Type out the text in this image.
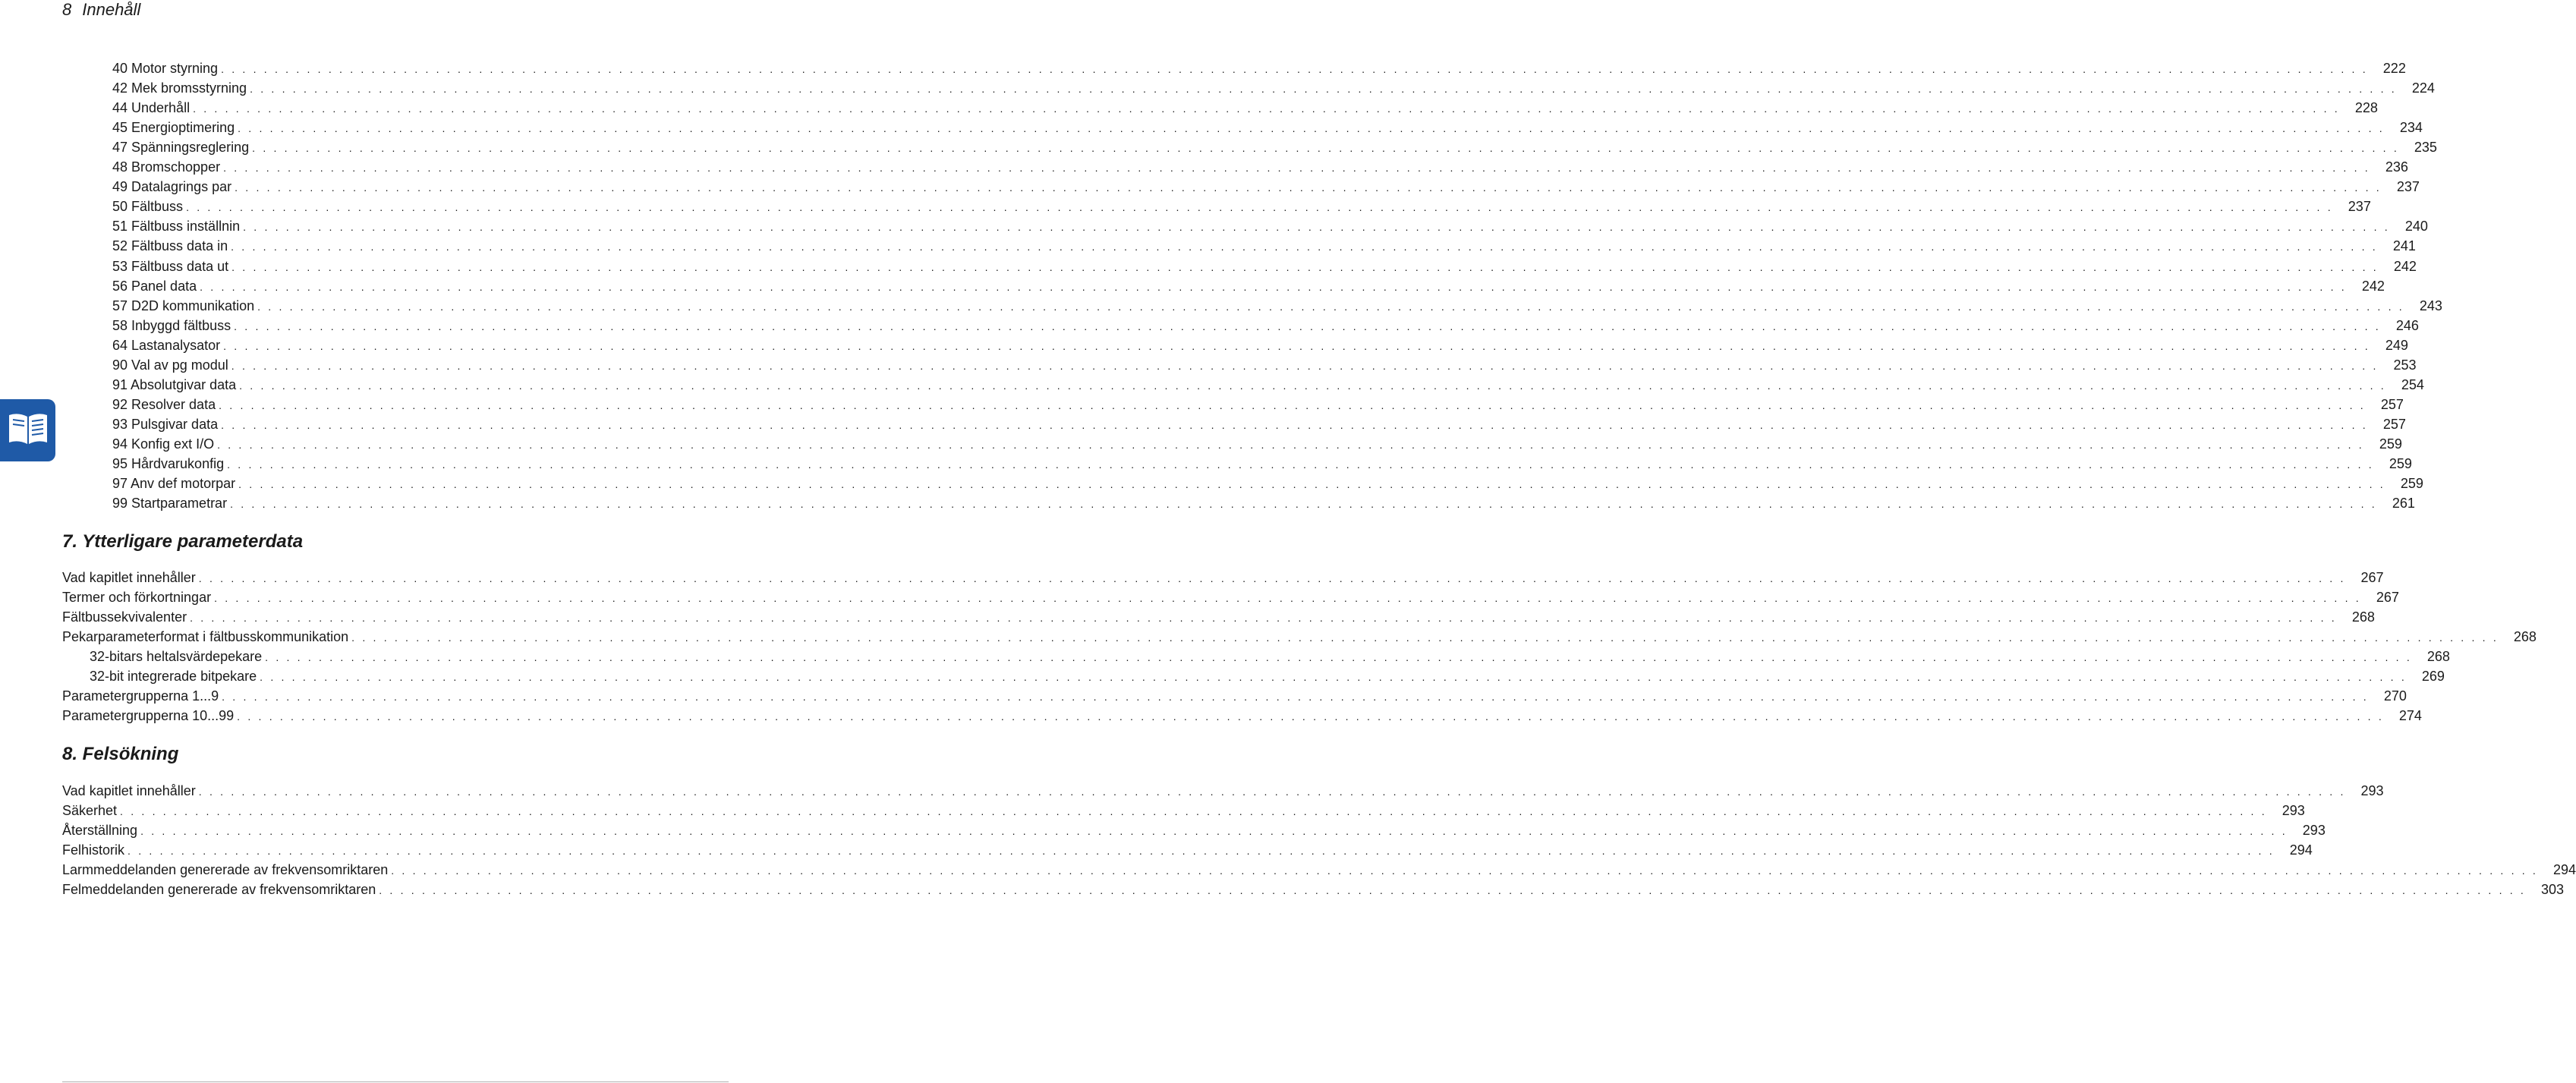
8 Innehåll
40 Motor styrning . . . . . . . . . . . . . . . . . . . . . . . . . . . . . . . . . . . . . . . . . . . . . . . . . . . . . . . . . . . . . . . . . . . . . . . . . . . . . . . . . . . . . . . . . . . . . . . . . . . . . . . . . . . . . . . . . . . . . . . . . . . . . . . . . . . . . . . . . . . . . . . . . . . . . . . . . . . . . . . . . . . . . . . . . . . . . . . . . . . . . . . . . . . . . . . . . . . . . . . .	222
42 Mek bromsstyrning . . . . . . . . . . . . . . . . . . . . . . . . . . . . . . . . . . . . . . . . . . . . . . . . . . . . . . . . . . . . . . . . . . . . . . . . . . . . . . . . . . . . . . . . . . . . . . . . . . . . . . . . . . . . . . . . . . . . . . . . . . . . . . . . . . . . . . . . . . . . . . . . . . . . . . . . . . . . . . . . . . . . . . . . . . . . . . . . . . . . . . . . . . . . . . . . . . . . . . . .	224
44 Underhåll . . . . . . . . . . . . . . . . . . . . . . . . . . . . . . . . . . . . . . . . . . . . . . . . . . . . . . . . . . . . . . . . . . . . . . . . . . . . . . . . . . . . . . . . . . . . . . . . . . . . . . . . . . . . . . . . . . . . . . . . . . . . . . . . . . . . . . . . . . . . . . . . . . . . . . . . . . . . . . . . . . . . . . . . . . . . . . . . . . . . . . . . . . . . . . . . . . . . . . . .	228
45 Energioptimering . . . . . . . . . . . . . . . . . . . . . . . . . . . . . . . . . . . . . . . . . . . . . . . . . . . . . . . . . . . . . . . . . . . . . . . . . . . . . . . . . . . . . . . . . . . . . . . . . . . . . . . . . . . . . . . . . . . . . . . . . . . . . . . . . . . . . . . . . . . . . . . . . . . . . . . . . . . . . . . . . . . . . . . . . . . . . . . . . . . . . . . . . . . . . . . . . . . . . . . .	234
47 Spänningsreglering . . . . . . . . . . . . . . . . . . . . . . . . . . . . . . . . . . . . . . . . . . . . . . . . . . . . . . . . . . . . . . . . . . . . . . . . . . . . . . . . . . . . . . . . . . . . . . . . . . . . . . . . . . . . . . . . . . . . . . . . . . . . . . . . . . . . . . . . . . . . . . . . . . . . . . . . . . . . . . . . . . . . . . . . . . . . . . . . . . . . . . . . . . . . . . . . . . . . . . . .	235
48 Bromschopper . . . . . . . . . . . . . . . . . . . . . . . . . . . . . . . . . . . . . . . . . . . . . . . . . . . . . . . . . . . . . . . . . . . . . . . . . . . . . . . . . . . . . . . . . . . . . . . . . . . . . . . . . . . . . . . . . . . . . . . . . . . . . . . . . . . . . . . . . . . . . . . . . . . . . . . . . . . . . . . . . . . . . . . . . . . . . . . . . . . . . . . . . . . . . . . . . . . . . . . .	236
49 Datalagrings par . . . . . . . . . . . . . . . . . . . . . . . . . . . . . . . . . . . . . . . . . . . . . . . . . . . . . . . . . . . . . . . . . . . . . . . . . . . . . . . . . . . . . . . . . . . . . . . . . . . . . . . . . . . . . . . . . . . . . . . . . . . . . . . . . . . . . . . . . . . . . . . . . . . . . . . . . . . . . . . . . . . . . . . . . . . . . . . . . . . . . . . . . . . . . . . . . . . . . . . .	237
50 Fältbuss . . . . . . . . . . . . . . . . . . . . . . . . . . . . . . . . . . . . . . . . . . . . . . . . . . . . . . . . . . . . . . . . . . . . . . . . . . . . . . . . . . . . . . . . . . . . . . . . . . . . . . . . . . . . . . . . . . . . . . . . . . . . . . . . . . . . . . . . . . . . . . . . . . . . . . . . . . . . . . . . . . . . . . . . . . . . . . . . . . . . . . . . . . . . . . . . . . . . . . . .	237
51 Fältbuss inställnin . . . . . . . . . . . . . . . . . . . . . . . . . . . . . . . . . . . . . . . . . . . . . . . . . . . . . . . . . . . . . . . . . . . . . . . . . . . . . . . . . . . . . . . . . . . . . . . . . . . . . . . . . . . . . . . . . . . . . . . . . . . . . . . . . . . . . . . . . . . . . . . . . . . . . . . . . . . . . . . . . . . . . . . . . . . . . . . . . . . . . . . . . . . . . . . . . . . . . . . .	240
52 Fältbuss data in . . . . . . . . . . . . . . . . . . . . . . . . . . . . . . . . . . . . . . . . . . . . . . . . . . . . . . . . . . . . . . . . . . . . . . . . . . . . . . . . . . . . . . . . . . . . . . . . . . . . . . . . . . . . . . . . . . . . . . . . . . . . . . . . . . . . . . . . . . . . . . . . . . . . . . . . . . . . . . . . . . . . . . . . . . . . . . . . . . . . . . . . . . . . . . . . . . . . . . . .	241
53 Fältbuss data ut . . . . . . . . . . . . . . . . . . . . . . . . . . . . . . . . . . . . . . . . . . . . . . . . . . . . . . . . . . . . . . . . . . . . . . . . . . . . . . . . . . . . . . . . . . . . . . . . . . . . . . . . . . . . . . . . . . . . . . . . . . . . . . . . . . . . . . . . . . . . . . . . . . . . . . . . . . . . . . . . . . . . . . . . . . . . . . . . . . . . . . . . . . . . . . . . . . . . . . . .	242
56 Panel data . . . . . . . . . . . . . . . . . . . . . . . . . . . . . . . . . . . . . . . . . . . . . . . . . . . . . . . . . . . . . . . . . . . . . . . . . . . . . . . . . . . . . . . . . . . . . . . . . . . . . . . . . . . . . . . . . . . . . . . . . . . . . . . . . . . . . . . . . . . . . . . . . . . . . . . . . . . . . . . . . . . . . . . . . . . . . . . . . . . . . . . . . . . . . . . . . . . . . . . .	242
57 D2D kommunikation . . . . . . . . . . . . . . . . . . . . . . . . . . . . . . . . . . . . . . . . . . . . . . . . . . . . . . . . . . . . . . . . . . . . . . . . . . . . . . . . . . . . . . . . . . . . . . . . . . . . . . . . . . . . . . . . . . . . . . . . . . . . . . . . . . . . . . . . . . . . . . . . . . . . . . . . . . . . . . . . . . . . . . . . . . . . . . . . . . . . . . . . . . . . . . . . . . . . . . . .	243
58 Inbyggd fältbuss . . . . . . . . . . . . . . . . . . . . . . . . . . . . . . . . . . . . . . . . . . . . . . . . . . . . . . . . . . . . . . . . . . . . . . . . . . . . . . . . . . . . . . . . . . . . . . . . . . . . . . . . . . . . . . . . . . . . . . . . . . . . . . . . . . . . . . . . . . . . . . . . . . . . . . . . . . . . . . . . . . . . . . . . . . . . . . . . . . . . . . . . . . . . . . . . . . . . . . . .	246
64 Lastanalysator . . . . . . . . . . . . . . . . . . . . . . . . . . . . . . . . . . . . . . . . . . . . . . . . . . . . . . . . . . . . . . . . . . . . . . . . . . . . . . . . . . . . . . . . . . . . . . . . . . . . . . . . . . . . . . . . . . . . . . . . . . . . . . . . . . . . . . . . . . . . . . . . . . . . . . . . . . . . . . . . . . . . . . . . . . . . . . . . . . . . . . . . . . . . . . . . . . . . . . . .	249
90 Val av pg modul . . . . . . . . . . . . . . . . . . . . . . . . . . . . . . . . . . . . . . . . . . . . . . . . . . . . . . . . . . . . . . . . . . . . . . . . . . . . . . . . . . . . . . . . . . . . . . . . . . . . . . . . . . . . . . . . . . . . . . . . . . . . . . . . . . . . . . . . . . . . . . . . . . . . . . . . . . . . . . . . . . . . . . . . . . . . . . . . . . . . . . . . . . . . . . . . . . . . . . . .	253
91 Absolutgivar data . . . . . . . . . . . . . . . . . . . . . . . . . . . . . . . . . . . . . . . . . . . . . . . . . . . . . . . . . . . . . . . . . . . . . . . . . . . . . . . . . . . . . . . . . . . . . . . . . . . . . . . . . . . . . . . . . . . . . . . . . . . . . . . . . . . . . . . . . . . . . . . . . . . . . . . . . . . . . . . . . . . . . . . . . . . . . . . . . . . . . . . . . . . . . . . . . . . . . . . .	254
92 Resolver data . . . . . . . . . . . . . . . . . . . . . . . . . . . . . . . . . . . . . . . . . . . . . . . . . . . . . . . . . . . . . . . . . . . . . . . . . . . . . . . . . . . . . . . . . . . . . . . . . . . . . . . . . . . . . . . . . . . . . . . . . . . . . . . . . . . . . . . . . . . . . . . . . . . . . . . . . . . . . . . . . . . . . . . . . . . . . . . . . . . . . . . . . . . . . . . . . . . . . . . .	257
93 Pulsgivar data . . . . . . . . . . . . . . . . . . . . . . . . . . . . . . . . . . . . . . . . . . . . . . . . . . . . . . . . . . . . . . . . . . . . . . . . . . . . . . . . . . . . . . . . . . . . . . . . . . . . . . . . . . . . . . . . . . . . . . . . . . . . . . . . . . . . . . . . . . . . . . . . . . . . . . . . . . . . . . . . . . . . . . . . . . . . . . . . . . . . . . . . . . . . . . . . . . . . . . . .	257
94 Konfig ext I/O . . . . . . . . . . . . . . . . . . . . . . . . . . . . . . . . . . . . . . . . . . . . . . . . . . . . . . . . . . . . . . . . . . . . . . . . . . . . . . . . . . . . . . . . . . . . . . . . . . . . . . . . . . . . . . . . . . . . . . . . . . . . . . . . . . . . . . . . . . . . . . . . . . . . . . . . . . . . . . . . . . . . . . . . . . . . . . . . . . . . . . . . . . . . . . . . . . . . . . . .	259
95 Hårdvarukonfig . . . . . . . . . . . . . . . . . . . . . . . . . . . . . . . . . . . . . . . . . . . . . . . . . . . . . . . . . . . . . . . . . . . . . . . . . . . . . . . . . . . . . . . . . . . . . . . . . . . . . . . . . . . . . . . . . . . . . . . . . . . . . . . . . . . . . . . . . . . . . . . . . . . . . . . . . . . . . . . . . . . . . . . . . . . . . . . . . . . . . . . . . . . . . . . . . . . . . . . .	259
97 Anv def motorpar . . . . . . . . . . . . . . . . . . . . . . . . . . . . . . . . . . . . . . . . . . . . . . . . . . . . . . . . . . . . . . . . . . . . . . . . . . . . . . . . . . . . . . . . . . . . . . . . . . . . . . . . . . . . . . . . . . . . . . . . . . . . . . . . . . . . . . . . . . . . . . . . . . . . . . . . . . . . . . . . . . . . . . . . . . . . . . . . . . . . . . . . . . . . . . . . . . . . . . . .	259
99 Startparametrar . . . . . . . . . . . . . . . . . . . . . . . . . . . . . . . . . . . . . . . . . . . . . . . . . . . . . . . . . . . . . . . . . . . . . . . . . . . . . . . . . . . . . . . . . . . . . . . . . . . . . . . . . . . . . . . . . . . . . . . . . . . . . . . . . . . . . . . . . . . . . . . . . . . . . . . . . . . . . . . . . . . . . . . . . . . . . . . . . . . . . . . . . . . . . . . . . . . . . . . .	261
7. Ytterligare parameterdata
Vad kapitlet innehåller . . . . . . . . . . . . . . . . . . . . . . . . . . . . . . . . . . . . . . . . . . . . . . . . . . . . . . . . . . . . . . . . . . . . . . . . . . . . . . . . . . . . . . . . . . . . . . . . . . . . . . . . . . . . . . . . . . . . . . . . . . . . . . . . . . . . . . . . . . . . . . . . . . . . . . . . . . . . . . . . . . . . . . . . . . . . . . . . . . . . . . . . . . . . . . . . . . . . . . . .	267
Termer och förkortningar . . . . . . . . . . . . . . . . . . . . . . . . . . . . . . . . . . . . . . . . . . . . . . . . . . . . . . . . . . . . . . . . . . . . . . . . . . . . . . . . . . . . . . . . . . . . . . . . . . . . . . . . . . . . . . . . . . . . . . . . . . . . . . . . . . . . . . . . . . . . . . . . . . . . . . . . . . . . . . . . . . . . . . . . . . . . . . . . . . . . . . . . . . . . . . . . . . . . . . . .	267
Fältbussekvivalenter . . . . . . . . . . . . . . . . . . . . . . . . . . . . . . . . . . . . . . . . . . . . . . . . . . . . . . . . . . . . . . . . . . . . . . . . . . . . . . . . . . . . . . . . . . . . . . . . . . . . . . . . . . . . . . . . . . . . . . . . . . . . . . . . . . . . . . . . . . . . . . . . . . . . . . . . . . . . . . . . . . . . . . . . . . . . . . . . . . . . . . . . . . . . . . . . . . . . . . . .	268
Pekarparameterformat i fältbusskommunikation . . . . . . . . . . . . . . . . . . . . . . . . . . . . . . . . . . . . . . . . . . . . . . . . . . . . . . . . . . . . . . . . . . . . . . . . . . . . . . . . . . . . . . . . . . . . . . . . . . . . . . . . . . . . . . . . . . . . . . . . . . . . . . . . . . . . . . . . . . . . . . . . . . . . . . . . . . . . . . . . . . . . . . . . . . . . . . . . . . . . . . . . . . . . . . . . . . . . . . . .	268
32-bitars heltalsvärdepekare . . . . . . . . . . . . . . . . . . . . . . . . . . . . . . . . . . . . . . . . . . . . . . . . . . . . . . . . . . . . . . . . . . . . . . . . . . . . . . . . . . . . . . . . . . . . . . . . . . . . . . . . . . . . . . . . . . . . . . . . . . . . . . . . . . . . . . . . . . . . . . . . . . . . . . . . . . . . . . . . . . . . . . . . . . . . . . . . . . . . . . . . . . . . . . . . . . . . . . . .	268
32-bit integrerade bitpekare . . . . . . . . . . . . . . . . . . . . . . . . . . . . . . . . . . . . . . . . . . . . . . . . . . . . . . . . . . . . . . . . . . . . . . . . . . . . . . . . . . . . . . . . . . . . . . . . . . . . . . . . . . . . . . . . . . . . . . . . . . . . . . . . . . . . . . . . . . . . . . . . . . . . . . . . . . . . . . . . . . . . . . . . . . . . . . . . . . . . . . . . . . . . . . . . . . . . . . . .	269
Parametergrupperna 1...9 . . . . . . . . . . . . . . . . . . . . . . . . . . . . . . . . . . . . . . . . . . . . . . . . . . . . . . . . . . . . . . . . . . . . . . . . . . . . . . . . . . . . . . . . . . . . . . . . . . . . . . . . . . . . . . . . . . . . . . . . . . . . . . . . . . . . . . . . . . . . . . . . . . . . . . . . . . . . . . . . . . . . . . . . . . . . . . . . . . . . . . . . . . . . . . . . . . . . . . . .	270
Parametergrupperna 10...99 . . . . . . . . . . . . . . . . . . . . . . . . . . . . . . . . . . . . . . . . . . . . . . . . . . . . . . . . . . . . . . . . . . . . . . . . . . . . . . . . . . . . . . . . . . . . . . . . . . . . . . . . . . . . . . . . . . . . . . . . . . . . . . . . . . . . . . . . . . . . . . . . . . . . . . . . . . . . . . . . . . . . . . . . . . . . . . . . . . . . . . . . . . . . . . . . . . . . . . . .	274
8. Felsökning
Vad kapitlet innehåller . . . . . . . . . . . . . . . . . . . . . . . . . . . . . . . . . . . . . . . . . . . . . . . . . . . . . . . . . . . . . . . . . . . . . . . . . . . . . . . . . . . . . . . . . . . . . . . . . . . . . . . . . . . . . . . . . . . . . . . . . . . . . . . . . . . . . . . . . . . . . . . . . . . . . . . . . . . . . . . . . . . . . . . . . . . . . . . . . . . . . . . . . . . . . . . . . . . . . . . .	293
Säkerhet . . . . . . . . . . . . . . . . . . . . . . . . . . . . . . . . . . . . . . . . . . . . . . . . . . . . . . . . . . . . . . . . . . . . . . . . . . . . . . . . . . . . . . . . . . . . . . . . . . . . . . . . . . . . . . . . . . . . . . . . . . . . . . . . . . . . . . . . . . . . . . . . . . . . . . . . . . . . . . . . . . . . . . . . . . . . . . . . . . . . . . . . . . . . . . . . . . . . . . . .	293
Återställning . . . . . . . . . . . . . . . . . . . . . . . . . . . . . . . . . . . . . . . . . . . . . . . . . . . . . . . . . . . . . . . . . . . . . . . . . . . . . . . . . . . . . . . . . . . . . . . . . . . . . . . . . . . . . . . . . . . . . . . . . . . . . . . . . . . . . . . . . . . . . . . . . . . . . . . . . . . . . . . . . . . . . . . . . . . . . . . . . . . . . . . . . . . . . . . . . . . . . . . .	293
Felhistorik . . . . . . . . . . . . . . . . . . . . . . . . . . . . . . . . . . . . . . . . . . . . . . . . . . . . . . . . . . . . . . . . . . . . . . . . . . . . . . . . . . . . . . . . . . . . . . . . . . . . . . . . . . . . . . . . . . . . . . . . . . . . . . . . . . . . . . . . . . . . . . . . . . . . . . . . . . . . . . . . . . . . . . . . . . . . . . . . . . . . . . . . . . . . . . . . . . . . . . . .	294
Larmmeddelanden genererade av frekvensomriktaren . . . . . . . . . . . . . . . . . . . . . . . . . . . . . . . . . . . . . . . . . . . . . . . . . . . . . . . . . . . . . . . . . . . . . . . . . . . . . . . . . . . . . . . . . . . . . . . . . . . . . . . . . . . . . . . . . . . . . . . . . . . . . . . . . . . . . . . . . . . . . . . . . . . . . . . . . . . . . . . . . . . . . . . . . . . . . . . . . . . . . . . . . . . . . . . . . . . . . . . .	294
Felmeddelanden genererade av frekvensomriktaren . . . . . . . . . . . . . . . . . . . . . . . . . . . . . . . . . . . . . . . . . . . . . . . . . . . . . . . . . . . . . . . . . . . . . . . . . . . . . . . . . . . . . . . . . . . . . . . . . . . . . . . . . . . . . . . . . . . . . . . . . . . . . . . . . . . . . . . . . . . . . . . . . . . . . . . . . . . . . . . . . . . . . . . . . . . . . . . . . . . . . . . . . . . . . . . . . . . . . . . .	303
